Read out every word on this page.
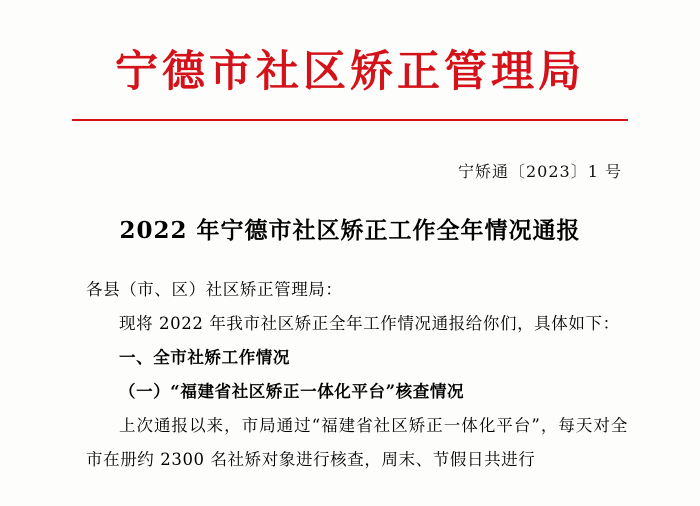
宁德市社区矫正管理局
宁矫通〔2023〕1 号
2022 年宁德市社区矫正工作全年情况通报

各县（市、区）社区矫正管理局：

现将 2022 年我市社区矫正全年工作情况通报给你们，具体如下：

一、全市社矫工作情况

（一）“福建省社区矫正一体化平台”核查情况

上次通报以来，市局通过“福建省社区矫正一体化平台”，每天对全市在册约 2300 名社矫对象进行核查，周末、节假日共进行
